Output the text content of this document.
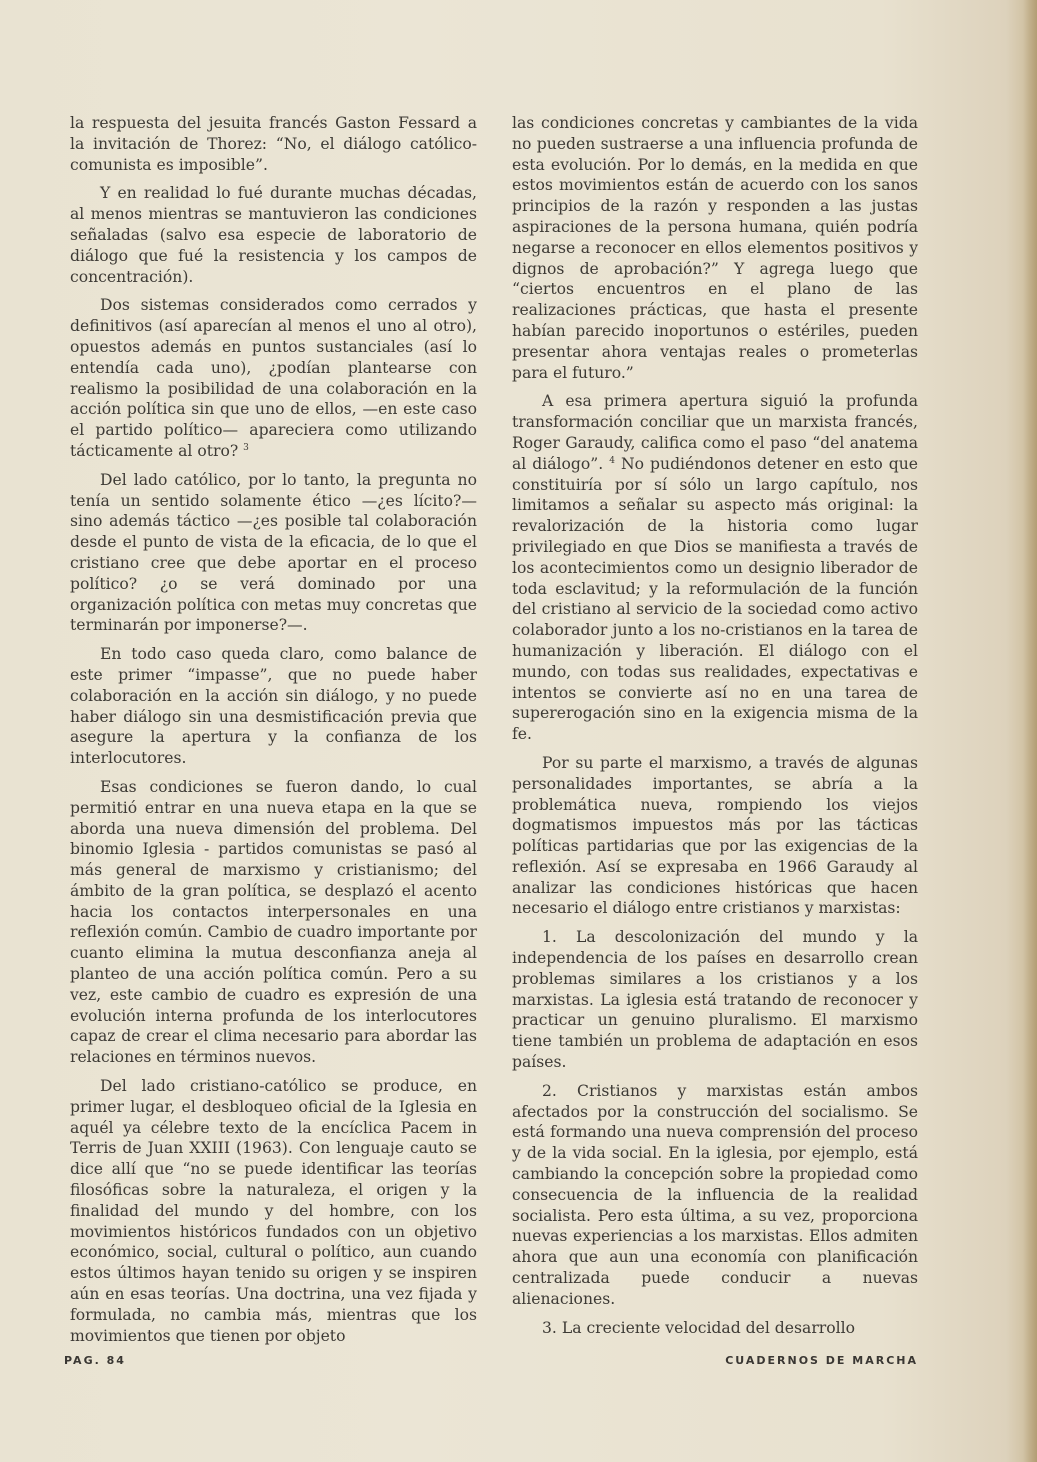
la respuesta del jesuita francés Gaston Fessard a la invitación de Thorez: “No, el diálogo católico-comunista es imposible”.

Y en realidad lo fué durante muchas décadas, al menos mientras se mantuvieron las condiciones señaladas (salvo esa especie de laboratorio de diálogo que fué la resistencia y los campos de concentración).

Dos sistemas considerados como cerrados y definitivos (así aparecían al menos el uno al otro), opuestos además en puntos sustanciales (así lo entendía cada uno), ¿podían plantearse con realismo la posibilidad de una colaboración en la acción política sin que uno de ellos, —en este caso el partido político— apareciera como utilizando tácticamente al otro? $^3$

Del lado católico, por lo tanto, la pregunta no tenía un sentido solamente ético —¿es lícito?— sino además táctico —¿es posible tal colaboración desde el punto de vista de la eficacia, de lo que el cristiano cree que debe aportar en el proceso político? ¿o se verá dominado por una organización política con metas muy concretas que terminarán por imponerse?—.

En todo caso queda claro, como balance de este primer “impasse”, que no puede haber colaboración en la acción sin diálogo, y no puede haber diálogo sin una desmistificación previa que asegure la apertura y la confianza de los interlocutores.

Esas condiciones se fueron dando, lo cual permitió entrar en una nueva etapa en la que se aborda una nueva dimensión del problema. Del binomio Iglesia - partidos comunistas se pasó al más general de marxismo y cristianismo; del ámbito de la gran política, se desplazó el acento hacia los contactos interpersonales en una reflexión común. Cambio de cuadro importante por cuanto elimina la mutua desconfianza aneja al planteo de una acción política común. Pero a su vez, este cambio de cuadro es expresión de una evolución interna profunda de los interlocutores capaz de crear el clima necesario para abordar las relaciones en términos nuevos.

Del lado cristiano-católico se produce, en primer lugar, el desbloqueo oficial de la Iglesia en aquél ya célebre texto de la encíclica Pacem in Terris de Juan XXIII (1963). Con lenguaje cauto se dice allí que “no se puede identificar las teorías filosóficas sobre la naturaleza, el origen y la finalidad del mundo y del hombre, con los movimientos históricos fundados con un objetivo económico, social, cultural o político, aun cuando estos últimos hayan tenido su origen y se inspiren aún en esas teorías. Una doctrina, una vez fijada y formulada, no cambia más, mientras que los movimientos que tienen por objeto

las condiciones concretas y cambiantes de la vida no pueden sustraerse a una influencia profunda de esta evolución. Por lo demás, en la medida en que estos movimientos están de acuerdo con los sanos principios de la razón y responden a las justas aspiraciones de la persona humana, quién podría negarse a reconocer en ellos elementos positivos y dignos de aprobación?” Y agrega luego que “ciertos encuentros en el plano de las realizaciones prácticas, que hasta el presente habían parecido inoportunos o estériles, pueden presentar ahora ventajas reales o prometerlas para el futuro.”

A esa primera apertura siguió la profunda transformación conciliar que un marxista francés, Roger Garaudy, califica como el paso “del anatema al diálogo”. $^4$ No pudiéndonos detener en esto que constituiría por sí sólo un largo capítulo, nos limitamos a señalar su aspecto más original: la revalorización de la historia como lugar privilegiado en que Dios se manifiesta a través de los acontecimientos como un designio liberador de toda esclavitud; y la reformulación de la función del cristiano al servicio de la sociedad como activo colaborador junto a los no-cristianos en la tarea de humanización y liberación. El diálogo con el mundo, con todas sus realidades, expectativas e intentos se convierte así no en una tarea de supererogación sino en la exigencia misma de la fe.

Por su parte el marxismo, a través de algunas personalidades importantes, se abría a la problemática nueva, rompiendo los viejos dogmatismos impuestos más por las tácticas políticas partidarias que por las exigencias de la reflexión. Así se expresaba en 1966 Garaudy al analizar las condiciones históricas que hacen necesario el diálogo entre cristianos y marxistas:

1. La descolonización del mundo y la independencia de los países en desarrollo crean problemas similares a los cristianos y a los marxistas. La iglesia está tratando de reconocer y practicar un genuino pluralismo. El marxismo tiene también un problema de adaptación en esos países.

2. Cristianos y marxistas están ambos afectados por la construcción del socialismo. Se está formando una nueva comprensión del proceso y de la vida social. En la iglesia, por ejemplo, está cambiando la concepción sobre la propiedad como consecuencia de la influencia de la realidad socialista. Pero esta última, a su vez, proporciona nuevas experiencias a los marxistas. Ellos admiten ahora que aun una economía con planificación centralizada puede conducir a nuevas alienaciones.

3. La creciente velocidad del desarrollo

PAG. 84	CUADERNOS DE MARCHA
